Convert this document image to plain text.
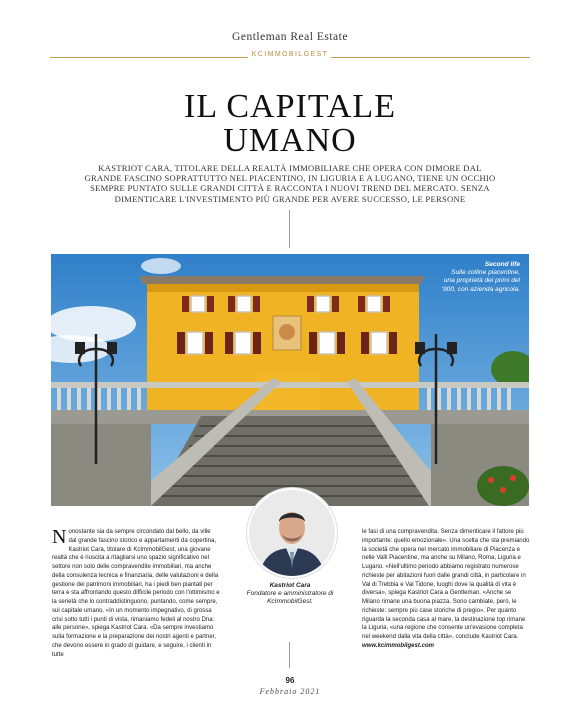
Gentleman Real Estate
KCIMMOBILGEST
IL CAPITALE
UMANO
KASTRIOT CARA, TITOLARE DELLA REALTÀ IMMOBILIARE CHE OPERA CON DIMORE DAL GRANDE FASCINO SOPRATTUTTO NEL PIACENTINO, IN LIGURIA E A LUGANO, TIENE UN OCCHIO SEMPRE PUNTATO SULLE GRANDI CITTÀ E RACCONTA I NUOVI TREND DEL MERCATO. SENZA DIMENTICARE L'INVESTIMENTO PIÙ GRANDE PER AVERE SUCCESSO, LE PERSONE
Second life
Sulle colline piacentine, una proprietà dei primi del '900, con azienda agricola.
Nonostante sia da sempre circondato dal bello, da ville dal grande fascino storico e appartamenti da copertina, Kastriot Cara, titolare di KcImmobilGest, una giovane realtà che è riuscita a ritagliarsi uno spazio significativo nel settore non solo delle compravendite immobiliari, ma anche della consulenza tecnica e finanziaria, delle valutazioni e della gestione dei patrimoni immobiliari, ha i piedi ben piantati per terra e sta affrontando questo difficile periodo con l'ottimismo e la serietà che lo contraddistinguono, puntando, come sempre, sul capitale umano. «In un momento impegnativo, di grossa crisi sotto tutti i punti di vista, rimaniamo fedeli al nostro Dna: alle persone», spiega Kastriot Cara. «Da sempre investiamo sulla formazione e la preparazione dei nostri agenti e partner, che devono essere in grado di guidare, e seguire, i clienti in tutte
Kastriot Cara
Fondatore e amministratore di KcImmobilGest.
le fasi di una compravendita. Senza dimenticare il fattore più importante: quello emozionale». Una scelta che sta premiando la società che opera nel mercato immobiliare di Piacenza e nelle Valli Piacentine, ma anche su Milano, Roma, Liguria e Lugano. «Nell'ultimo periodo abbiamo registrato numerose richieste per abitazioni fuori dalle grandi città, in particolare in Val di Trebbia e Val Tidone, luoghi dove la qualità di vita è diversa», spiega Kastriot Cara a Gentleman. «Anche se Milano rimane una buona piazza. Sono cambiate, però, le richieste: sempre più case storiche di pregio». Per quanto riguarda la seconda casa al mare, la destinazione top rimane la Liguria, «una regione che consente un'evasione completa nel weekend dalla vita della città», conclude Kastriot Cara.
www.kcimmobilgest.com
96
Febbraio 2021
